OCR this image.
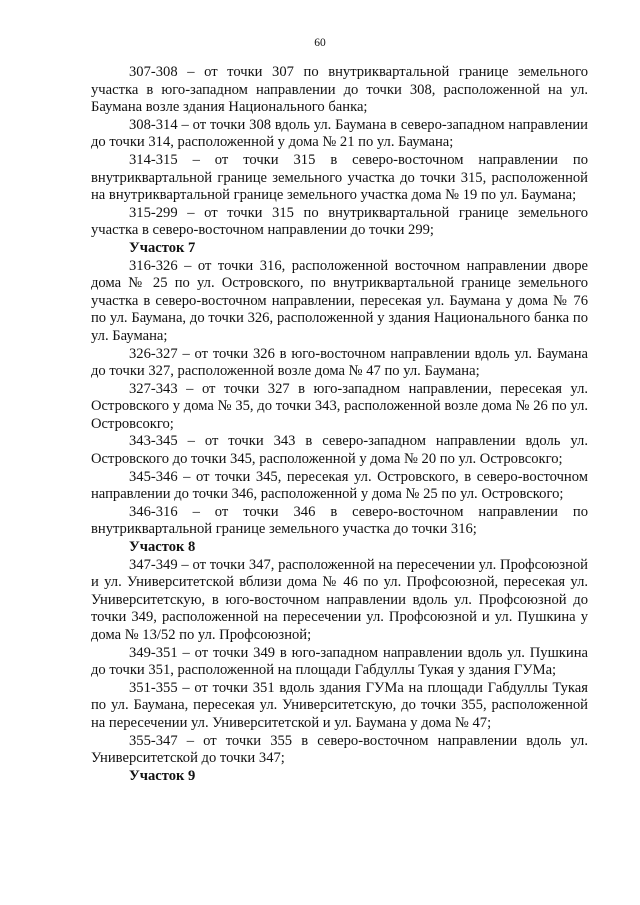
60

307-308 – от точки 307 по внутриквартальной границе земельного участка в юго-западном направлении до точки 308, расположенной на ул. Баумана возле здания Национального банка;

308-314 – от точки 308 вдоль ул. Баумана в северо-западном направлении до точки 314, расположенной у дома № 21 по ул. Баумана;

314-315 – от точки 315 в северо-восточном направлении по внутриквартальной границе земельного участка до точки 315, расположенной на внутриквартальной границе земельного участка дома № 19 по ул. Баумана;

315-299 – от точки 315 по внутриквартальной границе земельного участка в северо-восточном направлении до точки 299;

Участок 7

316-326 – от точки 316, расположенной восточном направлении дворе дома № 25 по ул. Островского, по внутриквартальной границе земельного участка в северо-восточном направлении, пересекая ул. Баумана у дома № 76 по ул. Баумана, до точки 326, расположенной у здания Национального банка по ул. Баумана;

326-327 – от точки 326 в юго-восточном направлении вдоль ул. Баумана до точки 327, расположенной возле дома № 47 по ул. Баумана;

327-343 – от точки 327 в юго-западном направлении, пересекая ул. Островского у дома № 35, до точки 343, расположенной возле дома № 26 по ул. Островсокго;

343-345 – от точки 343 в северо-западном направлении вдоль ул. Островского до точки 345, расположенной у дома № 20 по ул. Островсокго;

345-346 – от точки 345, пересекая ул. Островского, в северо-восточном направлении до точки 346, расположенной у дома № 25 по ул. Островского;

346-316 – от точки 346 в северо-восточном направлении по внутриквартальной границе земельного участка до точки 316;

Участок 8

347-349 – от точки 347, расположенной на пересечении ул. Профсоюзной и ул. Университетской вблизи дома № 46 по ул. Профсоюзной, пересекая ул. Университетскую, в юго-восточном направлении вдоль ул. Профсоюзной до точки 349, расположенной на пересечении ул. Профсоюзной и ул. Пушкина у дома № 13/52 по ул. Профсоюзной;

349-351 – от точки 349 в юго-западном направлении вдоль ул. Пушкина до точки 351, расположенной на площади Габдуллы Тукая у здания ГУМа;

351-355 – от точки 351 вдоль здания ГУМа на площади Габдуллы Тукая по ул. Баумана, пересекая ул. Университетскую, до точки 355, расположенной на пересечении ул. Университетской и ул. Баумана у дома № 47;

355-347 – от точки 355 в северо-восточном направлении вдоль ул. Университетской до точки 347;

Участок 9
